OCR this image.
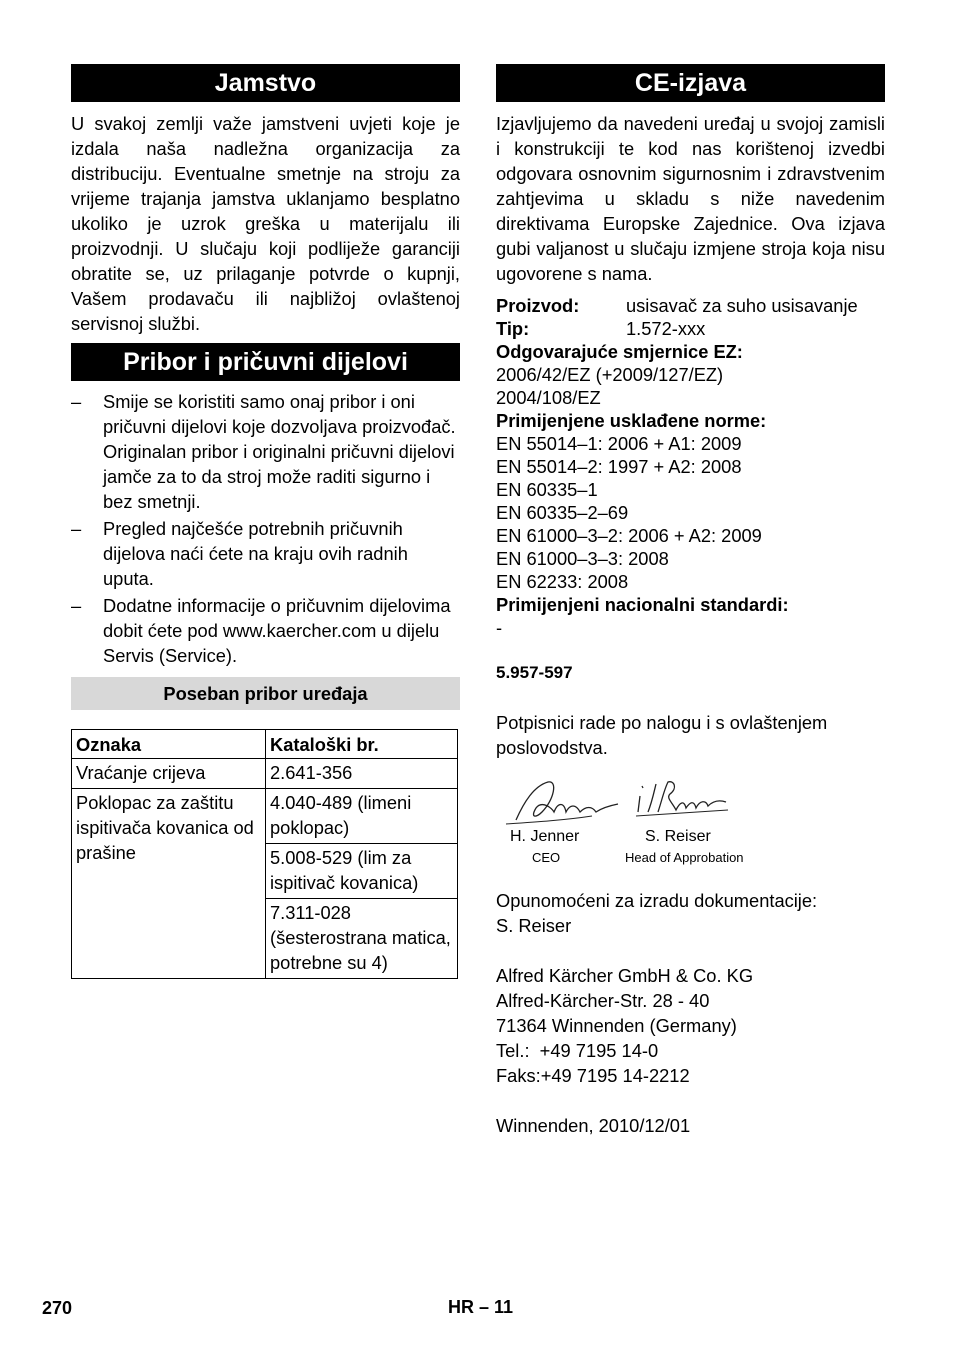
Jamstvo

U svakoj zemlji važe jamstveni uvjeti koje je izdala naša nadležna organizacija za distribuciju. Eventualne smetnje na stroju za vrijeme trajanja jamstva uklanjamo besplatno ukoliko je uzrok greška u materijalu ili proizvodnji. U slučaju koji podliježe garanciji obratite se, uz prilaganje potvrde o kupnji, Vašem prodavaču ili najbližoj ovlaštenoj servisnoj službi.

Pribor i pričuvni dijelovi
– Smije se koristiti samo onaj pribor i oni pričuvni dijelovi koje dozvoljava proizvođač. Originalan pribor i originalni pričuvni dijelovi jamče za to da stroj može raditi sigurno i bez smetnji.
– Pregled najčešće potrebnih pričuvnih dijelova naći ćete na kraju ovih radnih uputa.
– Dodatne informacije o pričuvnim dijelovima dobit ćete pod www.kaercher.com u dijelu Servis (Service).
Poseban pribor uređaja
Oznaka	Kataloški br.
Vraćanje crijeva	2.641-356
Poklopac za zaštitu ispitivača kovanica od prašine	4.040-489 (limeni poklopac)
	5.008-529 (lim za ispitivač kovanica)
	7.311-028 (šesterostrana matica, potrebne su 4)
CE-izjava

Izjavljujemo da navedeni uređaj u svojoj zamisli i konstrukciji te kod nas korištenoj izvedbi odgovara osnovnim sigurnosnim i zdravstvenim zahtjevima u skladu s niže navedenim direktivama Europske Zajednice. Ova izjava gubi valjanost u slučaju izmjene stroja koja nisu ugovorene s nama.

Proizvod:	usisavač za suho usisavanje
Tip:	1.572-xxx
Odgovarajuće smjernice EZ:
2006/42/EZ (+2009/127/EZ)
2004/108/EZ
Primijenjene usklađene norme:
EN 55014–1: 2006 + A1: 2009
EN 55014–2: 1997 + A2: 2008
EN 60335–1
EN 60335–2–69
EN 61000–3–2: 2006 + A2: 2009
EN 61000–3–3: 2008
EN 62233: 2008
Primijenjeni nacionalni standardi:
-
5.957-597

Potpisnici rade po nalogu i s ovlaštenjem poslovodstva.

H. Jenner
CEO
S. Reiser
Head of Approbation
Opunomoćeni za izradu dokumentacije:
S. Reiser
Alfred Kärcher GmbH & Co. KG
Alfred-Kärcher-Str. 28 - 40
71364 Winnenden (Germany)
Tel.:  +49 7195 14-0
Faks:+49 7195 14-2212
Winnenden, 2010/12/01
270	HR – 11
